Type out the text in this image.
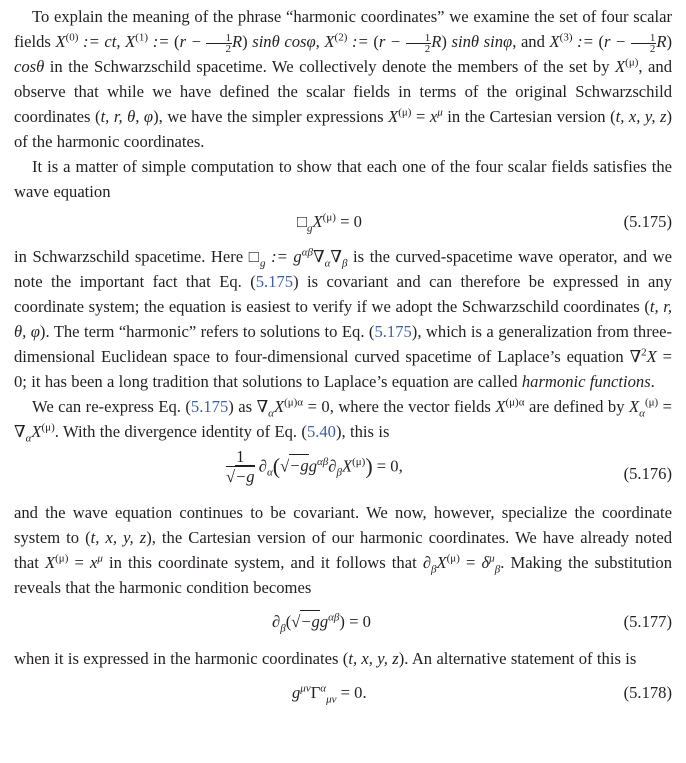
To explain the meaning of the phrase “harmonic coordinates” we examine the set of four scalar fields $X^{(0)}$ := ct, $X^{(1)}$ := $(r - \frac{1}{2} R)$ sinθ cosφ, $X^{(2)}$ := $(r - \frac{1}{2} R)$ sinθ sinφ, and $X^{(3)}$ := $(r - \frac{1}{2} R)$ cosθ in the Schwarzschild spacetime. We collectively denote the members of the set by $X^{(\mu)}$, and observe that while we have defined the scalar fields in terms of the original Schwarzschild coordinates (t, r, θ, φ), we have the simpler expressions $X^{(\mu)} = x^\mu$ in the Cartesian version (t, x, y, z) of the harmonic coordinates.

It is a matter of simple computation to show that each one of the four scalar fields satisfies the wave equation

$□_gX^{(\mu)} = 0$	(5.175)

in Schwarzschild spacetime. Here $□_g$ := $g^{\alpha\beta}\nabla_\alpha\nabla_\beta$ is the curved-spacetime wave operator, and we note the important fact that Eq. (5.175) is covariant and can therefore be expressed in any coordinate system; the equation is easiest to verify if we adopt the Schwarzschild coordinates (t, r, θ, φ). The term “harmonic” refers to solutions to Eq. (5.175), which is a generalization from three-dimensional Euclidean space to four-dimensional curved spacetime of Laplace’s equation ∇$^2$X = 0; it has been a long tradition that solutions to Laplace’s equation are called harmonic functions.

We can re-express Eq. (5.175) as $\nabla_\alpha X^{(\mu)\alpha} = 0$, where the vector fields $X^{(\mu)\alpha}$ are defined by $X_\alpha^{(\mu)} = \nabla_\alpha X^{(\mu)}$. With the divergence identity of Eq. (5.40), this is

$\frac{1}{√-g} \partial_\alpha(√-gg^{\alpha\beta}\partial_\beta X^{(\mu)}) = 0$,	(5.176)

and the wave equation continues to be covariant. We now, however, specialize the coordinate system to (t, x, y, z), the Cartesian version of our harmonic coordinates. We have already noted that $X^{(\mu)} = x^\mu$ in this coordinate system, and it follows that $\partial_\beta X^{(\mu)} = \delta^\mu_\beta$. Making the substitution reveals that the harmonic condition becomes

$\partial_\beta(√-gg^{\alpha\beta}) = 0$	(5.177)

when it is expressed in the harmonic coordinates (t, x, y, z). An alternative statement of this is

$g^{\mu\nu}\Gamma^\alpha_{\mu\nu} = 0$.	(5.178)
